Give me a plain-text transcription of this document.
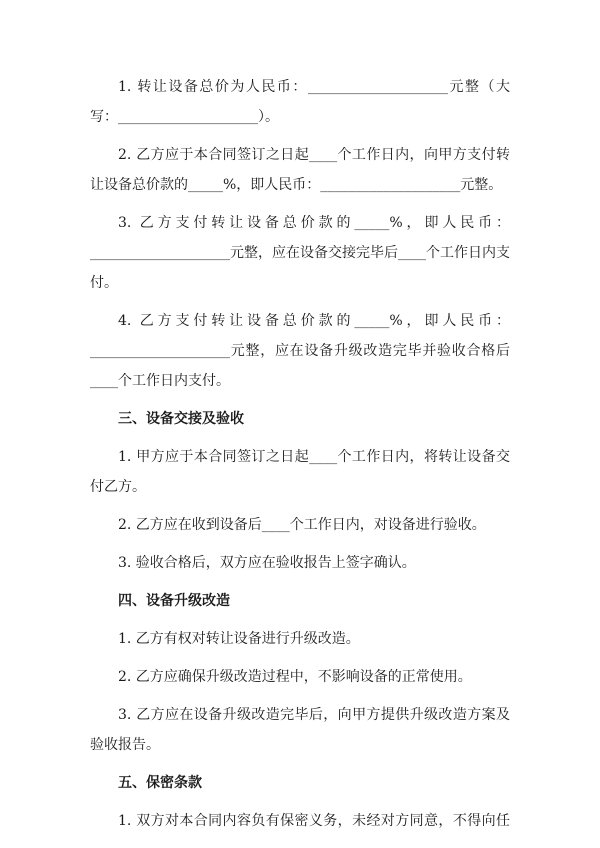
1. 转让设备总价为人民币：____________________元整（大写：____________________）。

2. 乙方应于本合同签订之日起____个工作日内，向甲方支付转让设备总价款的_____%，即人民币：____________________元整。

3. 乙方支付转让设备总价款的_____%，即人民币：____________________元整，应在设备交接完毕后____个工作日内支付。

4. 乙方支付转让设备总价款的_____%，即人民币：____________________元整，应在设备升级改造完毕并验收合格后____个工作日内支付。

三、设备交接及验收

1. 甲方应于本合同签订之日起____个工作日内，将转让设备交付乙方。

2. 乙方应在收到设备后____个工作日内，对设备进行验收。

3. 验收合格后，双方应在验收报告上签字确认。

四、设备升级改造

1. 乙方有权对转让设备进行升级改造。

2. 乙方应确保升级改造过程中，不影响设备的正常使用。

3. 乙方应在设备升级改造完毕后，向甲方提供升级改造方案及验收报告。

五、保密条款

1. 双方对本合同内容负有保密义务，未经对方同意，不得向任
